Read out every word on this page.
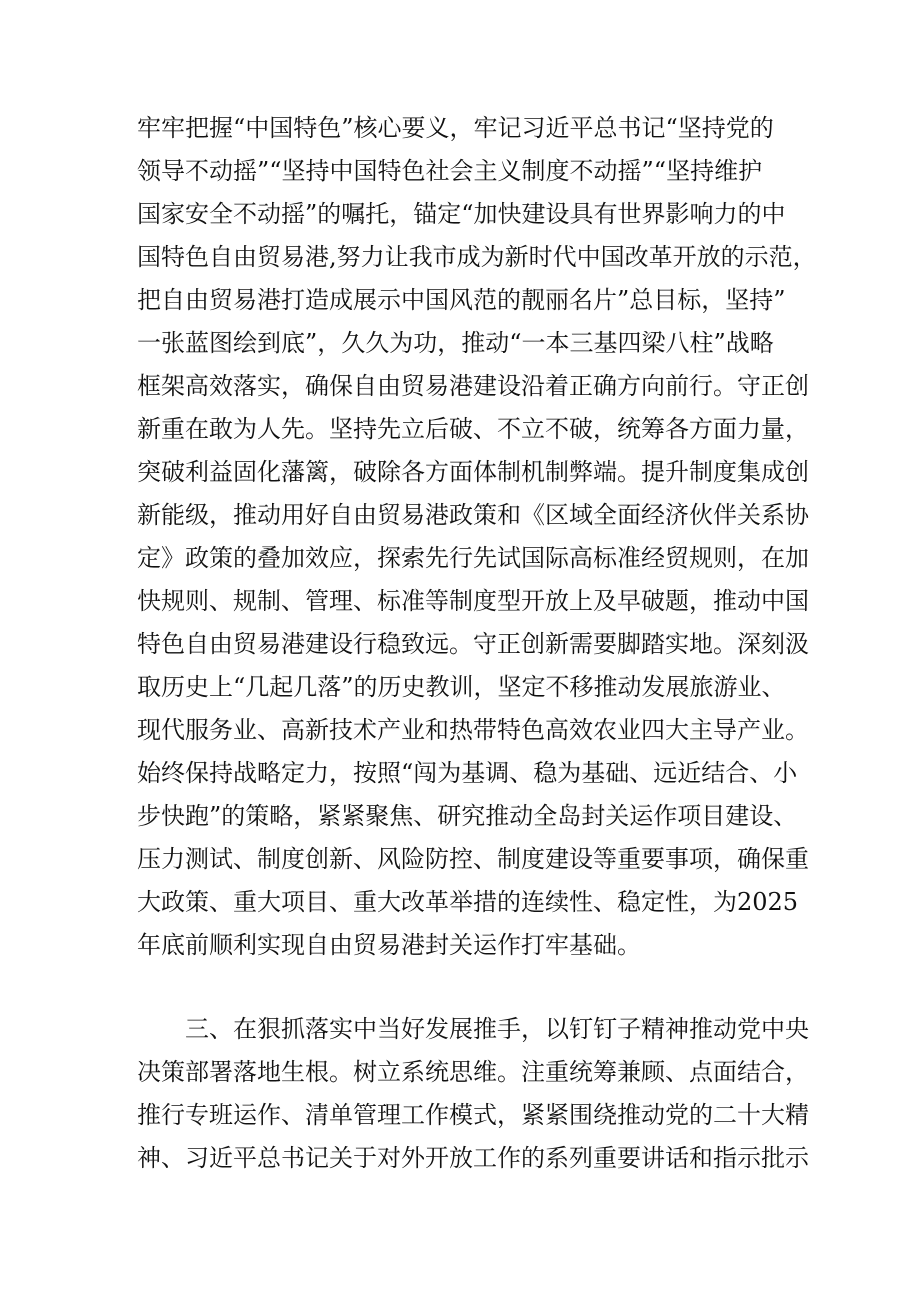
牢牢把握“中国特色”核心要义，牢记习近平总书记“坚持党的
领导不动摇”“坚持中国特色社会主义制度不动摇”“坚持维护
国家安全不动摇”的嘱托，锚定“加快建设具有世界影响力的中
国特色自由贸易港,努力让我市成为新时代中国改革开放的示范，
把自由贸易港打造成展示中国风范的靓丽名片”总目标，坚持”
一张蓝图绘到底”，久久为功，推动“一本三基四梁八柱”战略
框架高效落实，确保自由贸易港建设沿着正确方向前行。守正创
新重在敢为人先。坚持先立后破、不立不破，统筹各方面力量，
突破利益固化藩篱，破除各方面体制机制弊端。提升制度集成创
新能级，推动用好自由贸易港政策和《区域全面经济伙伴关系协
定》政策的叠加效应，探索先行先试国际高标准经贸规则，在加
快规则、规制、管理、标准等制度型开放上及早破题，推动中国
特色自由贸易港建设行稳致远。守正创新需要脚踏实地。深刻汲
取历史上“几起几落”的历史教训，坚定不移推动发展旅游业、
现代服务业、高新技术产业和热带特色高效农业四大主导产业。
始终保持战略定力，按照“闯为基调、稳为基础、远近结合、小
步快跑”的策略，紧紧聚焦、研究推动全岛封关运作项目建设、
压力测试、制度创新、风险防控、制度建设等重要事项，确保重
大政策、重大项目、重大改革举措的连续性、稳定性，为2025
年底前顺利实现自由贸易港封关运作打牢基础。
三、在狠抓落实中当好发展推手，以钉钉子精神推动党中央
决策部署落地生根。树立系统思维。注重统筹兼顾、点面结合，
推行专班运作、清单管理工作模式，紧紧围绕推动党的二十大精
神、习近平总书记关于对外开放工作的系列重要讲话和指示批示
